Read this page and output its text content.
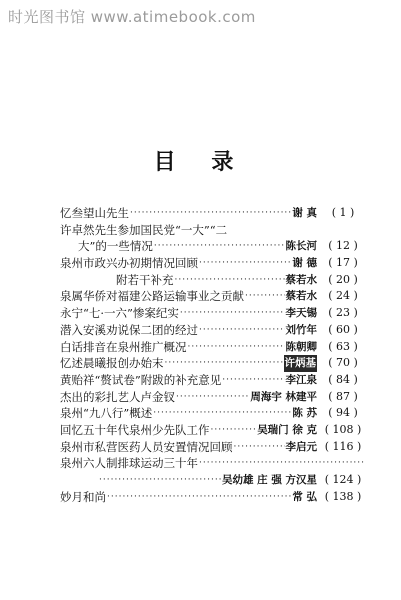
时光图书馆 www.atimebook.com
目 录
忆叁望山先生 ·····	谢 真	( 1 )
许卓然先生参加国民党“一大”“二
大”的一些情况 ·····	陈长河	( 12 )
泉州市政兴办初期情况回顾 ·····	谢 德	( 17 )
附若干补充 ·····	蔡若水	( 20 )
泉属华侨对福建公路运输事业之贡献 ·····	蔡若水	( 24 )
永宁“七·一六”惨案纪实 ·····	李天锡	( 23 )
潜入安溪劝说保二团的经过 ·····	刘竹年	( 60 )
白话排音在泉州推广概况 ·····	陈朝卿	( 63 )
忆述晨曦报创办始末 ·····	许炳基	( 70 )
黄贻祥“赘试卷”附跋的补充意见 ·····	李江泉	( 84 )
杰出的彩扎艺人卢金钗 ·····	周海宇 林建平	( 87 )
泉州“九八行”概述 ·····	陈 苏	( 94 )
回忆五十年代泉州少先队工作 ·····	吴瑞门 徐 克 ( 108 )
泉州市私营医药人员安置情况回顾 ·····	李启元 ( 116 )
泉州六人制排球运动三十年
·····
·····
吴幼雄 庄 强 方汉星 ( 124 )
妙月和尚 ·····	常 弘 ( 138 )
